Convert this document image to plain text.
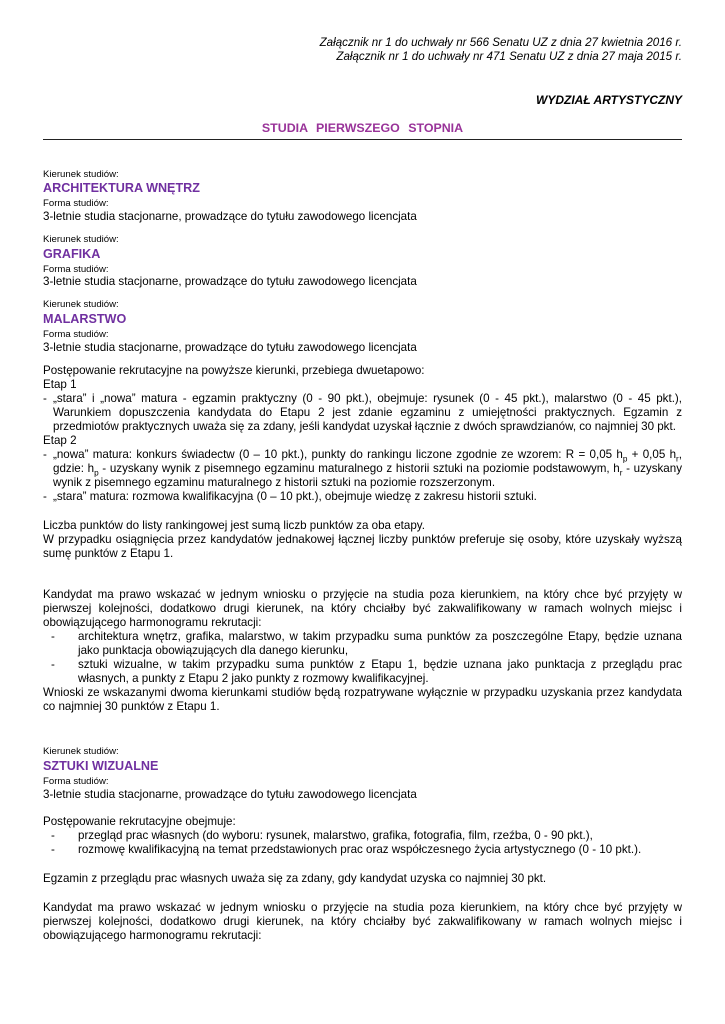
Załącznik nr 1 do uchwały nr 566 Senatu UZ z dnia 27 kwietnia 2016 r.
Załącznik nr 1 do uchwały nr 471 Senatu UZ z dnia 27 maja 2015 r.
WYDZIAŁ ARTYSTYCZNY
STUDIA PIERWSZEGO STOPNIA
Kierunek studiów:
ARCHITEKTURA WNĘTRZ
Forma studiów:
3-letnie studia stacjonarne, prowadzące do tytułu zawodowego licencjata
Kierunek studiów:
GRAFIKA
Forma studiów:
3-letnie studia stacjonarne, prowadzące do tytułu zawodowego licencjata
Kierunek studiów:
MALARSTWO
Forma studiów:
3-letnie studia stacjonarne, prowadzące do tytułu zawodowego licencjata

Postępowanie rekrutacyjne na powyższe kierunki, przebiega dwuetapowo:

Etap 1

- „stara” i „nowa” matura - egzamin praktyczny (0 - 90 pkt.), obejmuje: rysunek (0 - 45 pkt.), malarstwo (0 - 45 pkt.), Warunkiem dopuszczenia kandydata do Etapu 2 jest zdanie egzaminu z umiejętności praktycznych. Egzamin z przedmiotów praktycznych uważa się za zdany, jeśli kandydat uzyskał łącznie z dwóch sprawdzianów, co najmniej 30 pkt.

Etap 2

- „nowa” matura: konkurs świadectw (0 – 10 pkt.), punkty do rankingu liczone zgodnie ze wzorem: R = 0,05 $h_p + 0,05$ $h_r$, gdzie: $h_p$ - uzyskany wynik z pisemnego egzaminu maturalnego z historii sztuki na poziomie podstawowym, $h_r$ - uzyskany wynik z pisemnego egzaminu maturalnego z historii sztuki na poziomie rozszerzonym.
- „stara” matura: rozmowa kwalifikacyjna (0 – 10 pkt.), obejmuje wiedzę z zakresu historii sztuki.

Liczba punktów do listy rankingowej jest sumą liczb punktów za oba etapy.

W przypadku osiągnięcia przez kandydatów jednakowej łącznej liczby punktów preferuje się osoby, które uzyskały wyższą sumę punktów z Etapu 1.

Kandydat ma prawo wskazać w jednym wniosku o przyjęcie na studia poza kierunkiem, na który chce być przyjęty w pierwszej kolejności, dodatkowo drugi kierunek, na który chciałby być zakwalifikowany w ramach wolnych miejsc i obowiązującego harmonogramu rekrutacji:

-	architektura wnętrz, grafika, malarstwo, w takim przypadku suma punktów za poszczególne Etapy, będzie uznana jako punktacja obowiązujących dla danego kierunku,
-	sztuki wizualne, w takim przypadku suma punktów z Etapu 1, będzie uznana jako punktacja z przeglądu prac własnych, a punkty z Etapu 2 jako punkty z rozmowy kwalifikacyjnej.

Wnioski ze wskazanymi dwoma kierunkami studiów będą rozpatrywane wyłącznie w przypadku uzyskania przez kandydata co najmniej 30 punktów z Etapu 1.

Kierunek studiów:
SZTUKI WIZUALNE
Forma studiów:
3-letnie studia stacjonarne, prowadzące do tytułu zawodowego licencjata

Postępowanie rekrutacyjne obejmuje:

-	przegląd prac własnych (do wyboru: rysunek, malarstwo, grafika, fotografia, film, rzeźba, 0 - 90 pkt.),
-	rozmowę kwalifikacyjną na temat przedstawionych prac oraz współczesnego życia artystycznego (0 - 10 pkt.).

Egzamin z przeglądu prac własnych uważa się za zdany, gdy kandydat uzyska co najmniej 30 pkt.

Kandydat ma prawo wskazać w jednym wniosku o przyjęcie na studia poza kierunkiem, na który chce być przyjęty w pierwszej kolejności, dodatkowo drugi kierunek, na który chciałby być zakwalifikowany w ramach wolnych miejsc i obowiązującego harmonogramu rekrutacji:
